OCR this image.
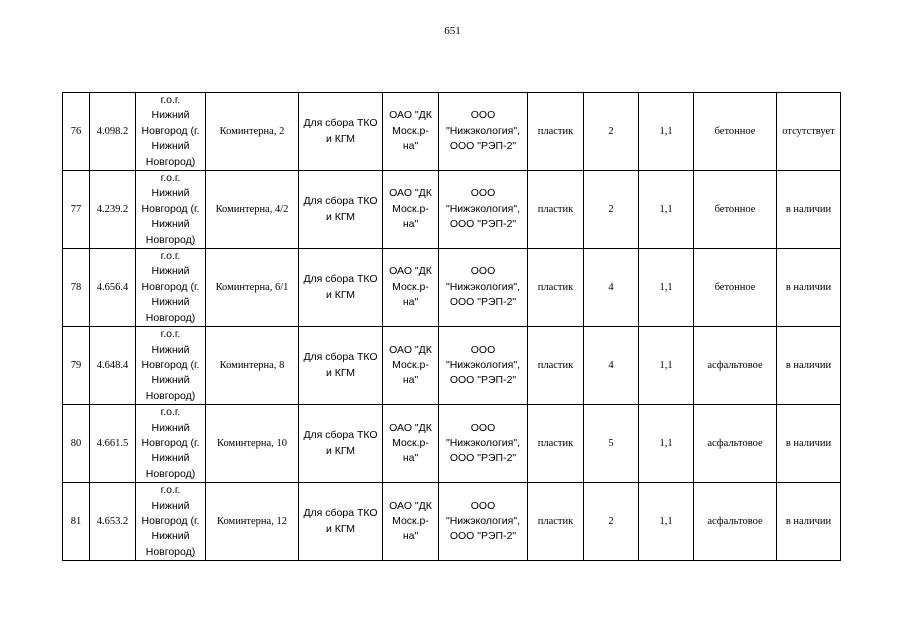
651
76	4.098.2	г.о.г.
Нижний
Новгород (г.
Нижний
Новгород)	Коминтерна, 2	Для сбора ТКО
и КГМ	ОАО "ДК
Моск.р-
на"	ООО
"Нижэкология",
ООО "РЭП-2"	пластик	2	1,1	бетонное	отсутствует
77	4.239.2	г.о.г.
Нижний
Новгород (г.
Нижний
Новгород)	Коминтерна, 4/2	Для сбора ТКО
и КГМ	ОАО "ДК
Моск.р-
на"	ООО
"Нижэкология",
ООО "РЭП-2"	пластик	2	1,1	бетонное	в наличии
78	4.656.4	г.о.г.
Нижний
Новгород (г.
Нижний
Новгород)	Коминтерна, 6/1	Для сбора ТКО
и КГМ	ОАО "ДК
Моск.р-
на"	ООО
"Нижэкология",
ООО "РЭП-2"	пластик	4	1,1	бетонное	в наличии
79	4.648.4	г.о.г.
Нижний
Новгород (г.
Нижний
Новгород)	Коминтерна, 8	Для сбора ТКО
и КГМ	ОАО "ДК
Моск.р-
на"	ООО
"Нижэкология",
ООО "РЭП-2"	пластик	4	1,1	асфальтовое	в наличии
80	4.661.5	г.о.г.
Нижний
Новгород (г.
Нижний
Новгород)	Коминтерна, 10	Для сбора ТКО
и КГМ	ОАО "ДК
Моск.р-
на"	ООО
"Нижэкология",
ООО "РЭП-2"	пластик	5	1,1	асфальтовое	в наличии
81	4.653.2	г.о.г.
Нижний
Новгород (г.
Нижний
Новгород)	Коминтерна, 12	Для сбора ТКО
и КГМ	ОАО "ДК
Моск.р-
на"	ООО
"Нижэкология",
ООО "РЭП-2"	пластик	2	1,1	асфальтовое	в наличии
